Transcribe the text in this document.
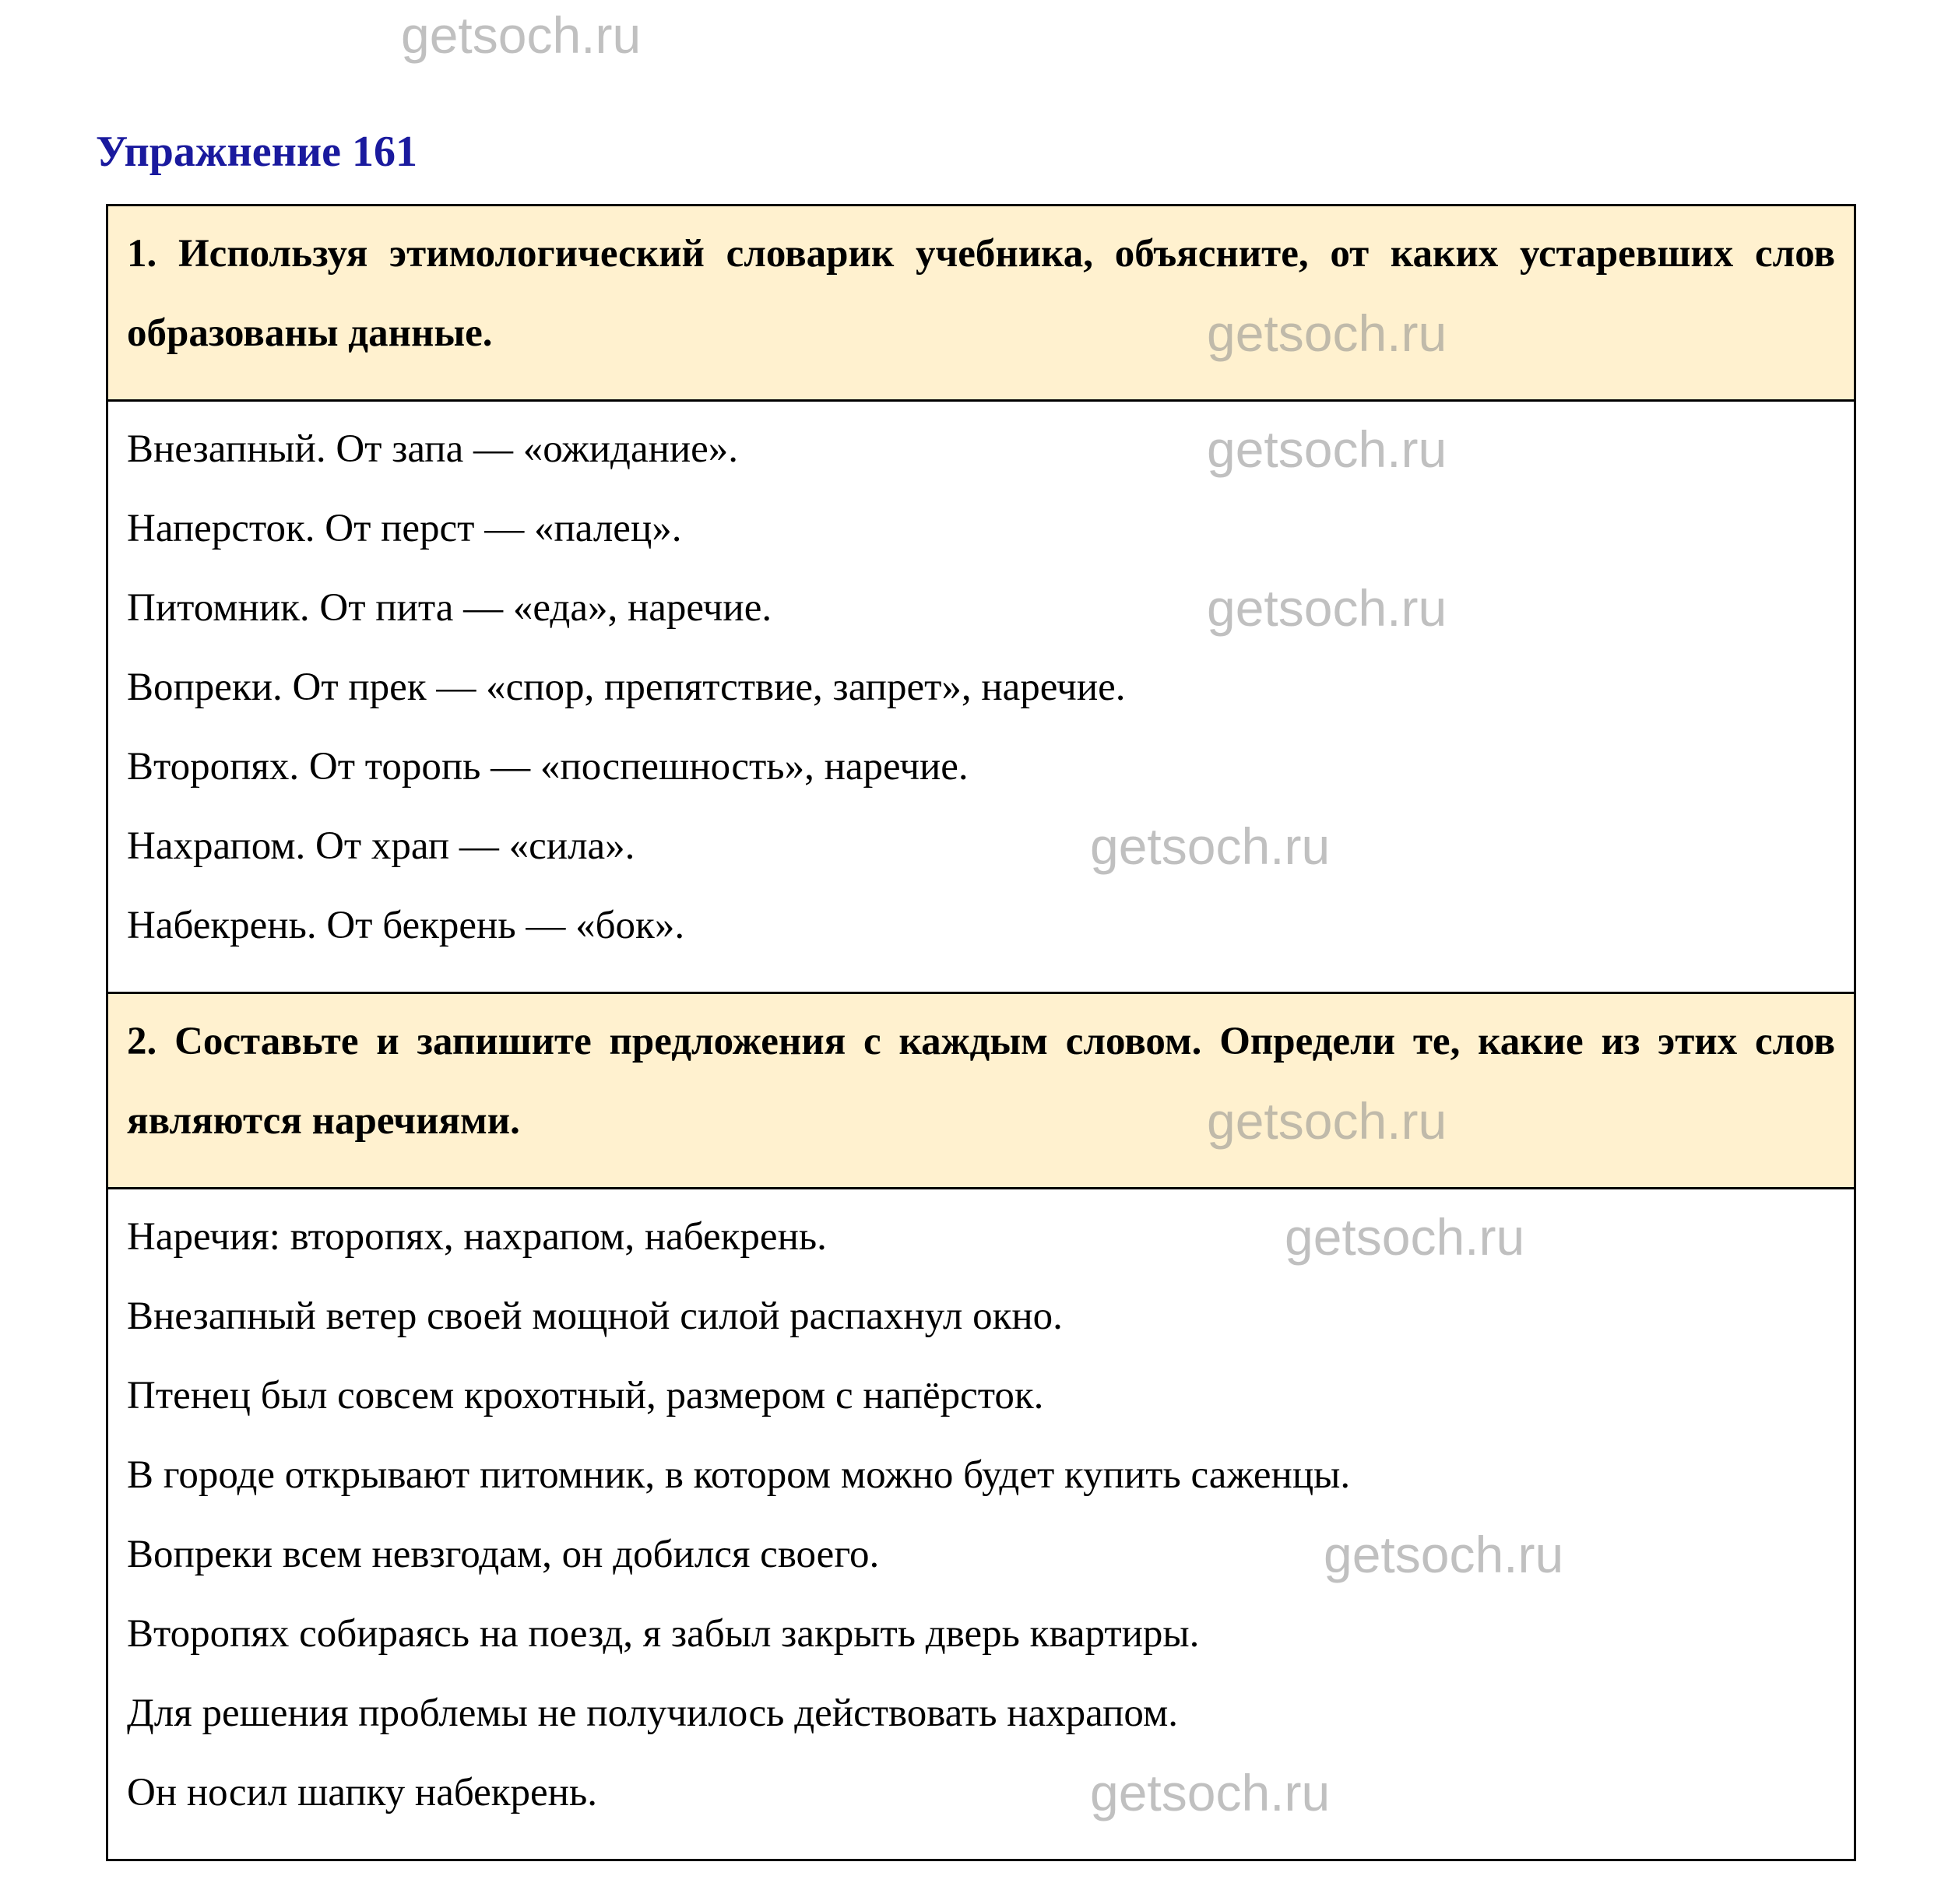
Упражнение 161
1. Используя этимологический словарик учебника, объясните, от каких устаревших слов образованы данные.
Внезапный. От запа — «ожидание».
Наперсток. От перст — «палец».
Питомник. От пита — «еда», наречие.
Вопреки. От прек — «спор, препятствие, запрет», наречие.
Второпях. От торопь — «поспешность», наречие.
Нахрапом. От храп — «сила».
Набекрень. От бекрень — «бок».
2. Составьте и запишите предложения с каждым словом. Определи те, какие из этих слов являются наречиями.
Наречия: второпях, нахрапом, набекрень.
Внезапный ветер своей мощной силой распахнул окно.
Птенец был совсем крохотный, размером с напёрсток.
В городе открывают питомник, в котором можно будет купить саженцы.
Вопреки всем невзгодам, он добился своего.
Второпях собираясь на поезд, я забыл закрыть дверь квартиры.
Для решения проблемы не получилось действовать нахрапом.
Он носил шапку набекрень.
getsoch.ru
getsoch.ru
getsoch.ru
getsoch.ru
getsoch.ru
getsoch.ru
getsoch.ru
getsoch.ru
getsoch.ru
